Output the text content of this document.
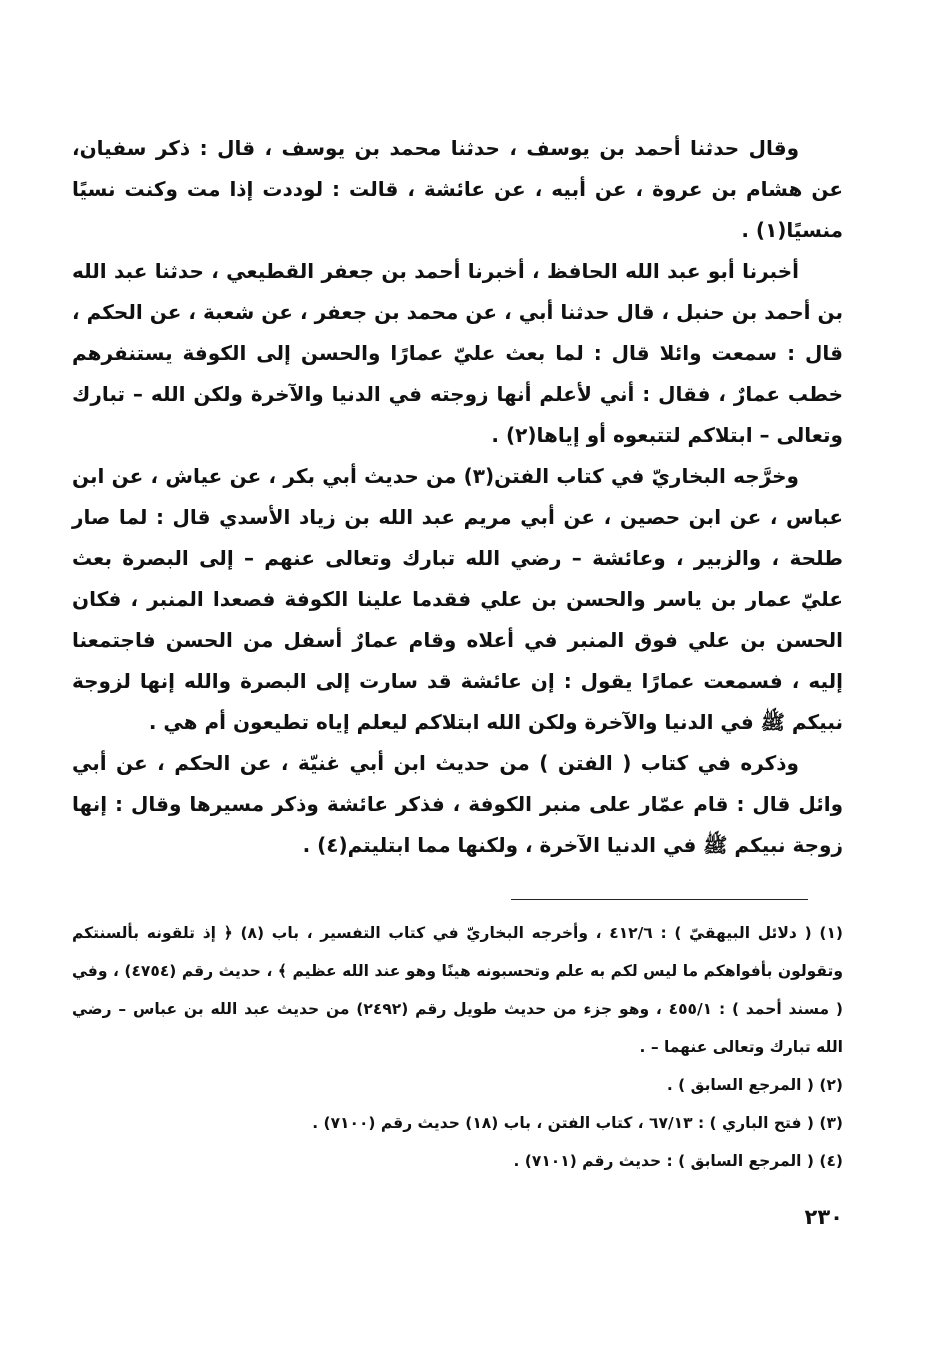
وقال حدثنا أحمد بن يوسف ، حدثنا محمد بن يوسف ، قال : ذكر سفيان، عن هشام بن عروة ، عن أبيه ، عن عائشة ، قالت : لوددت إذا مت وكنت نسيًا منسيًا(١) .

أخبرنا أبو عبد الله الحافظ ، أخبرنا أحمد بن جعفر القطيعي ، حدثنا عبد الله بن أحمد بن حنبل ، قال حدثنا أبي ، عن محمد بن جعفر ، عن شعبة ، عن الحكم ، قال : سمعت وائلا قال : لما بعث عليّ عمارًا والحسن إلى الكوفة يستنفرهم خطب عمارٌ ، فقال : أني لأعلم أنها زوجته في الدنيا والآخرة ولكن الله – تبارك وتعالى – ابتلاكم لتتبعوه أو إياها(٢) .

وخرَّجه البخاريّ في كتاب الفتن(٣) من حديث أبي بكر ، عن عياش ، عن ابن عباس ، عن ابن حصين ، عن أبي مريم عبد الله بن زياد الأسدي قال : لما صار طلحة ، والزبير ، وعائشة – رضي الله تبارك وتعالى عنهم – إلى البصرة بعث عليّ عمار بن ياسر والحسن بن علي فقدما علينا الكوفة فصعدا المنبر ، فكان الحسن بن علي فوق المنبر في أعلاه وقام عمارٌ أسفل من الحسن فاجتمعنا إليه ، فسمعت عمارًا يقول : إن عائشة قد سارت إلى البصرة والله إنها لزوجة نبيكم ﷺ في الدنيا والآخرة ولكن الله ابتلاكم ليعلم إياه تطيعون أم هي .

وذكره في كتاب ( الفتن ) من حديث ابن أبي غنيّة ، عن الحكم ، عن أبي وائل قال : قام عمّار على منبر الكوفة ، فذكر عائشة وذكر مسيرها وقال : إنها زوجة نبيكم ﷺ في الدنيا الآخرة ، ولكنها مما ابتليتم(٤) .

(١) ( دلائل البيهقيّ ) : ٤١٢/٦ ، وأخرجه البخاريّ في كتاب التفسير ، باب (٨) ﴿ إذ تلقونه بألسنتكم وتقولون بأفواهكم ما ليس لكم به علم وتحسبونه هينًا وهو عند الله عظيم ﴾ ، حديث رقم (٤٧٥٤) ، وفي ( مسند أحمد ) : ٤٥٥/١ ، وهو جزء من حديث طويل رقم (٢٤٩٢) من حديث عبد الله بن عباس – رضي الله تبارك وتعالى عنهما – .

(٢) ( المرجع السابق ) .

(٣) ( فتح الباري ) : ٦٧/١٣ ، كتاب الفتن ، باب (١٨) حديث رقم (٧١٠٠) .

(٤) ( المرجع السابق ) : حديث رقم (٧١٠١) .

٢٣٠
